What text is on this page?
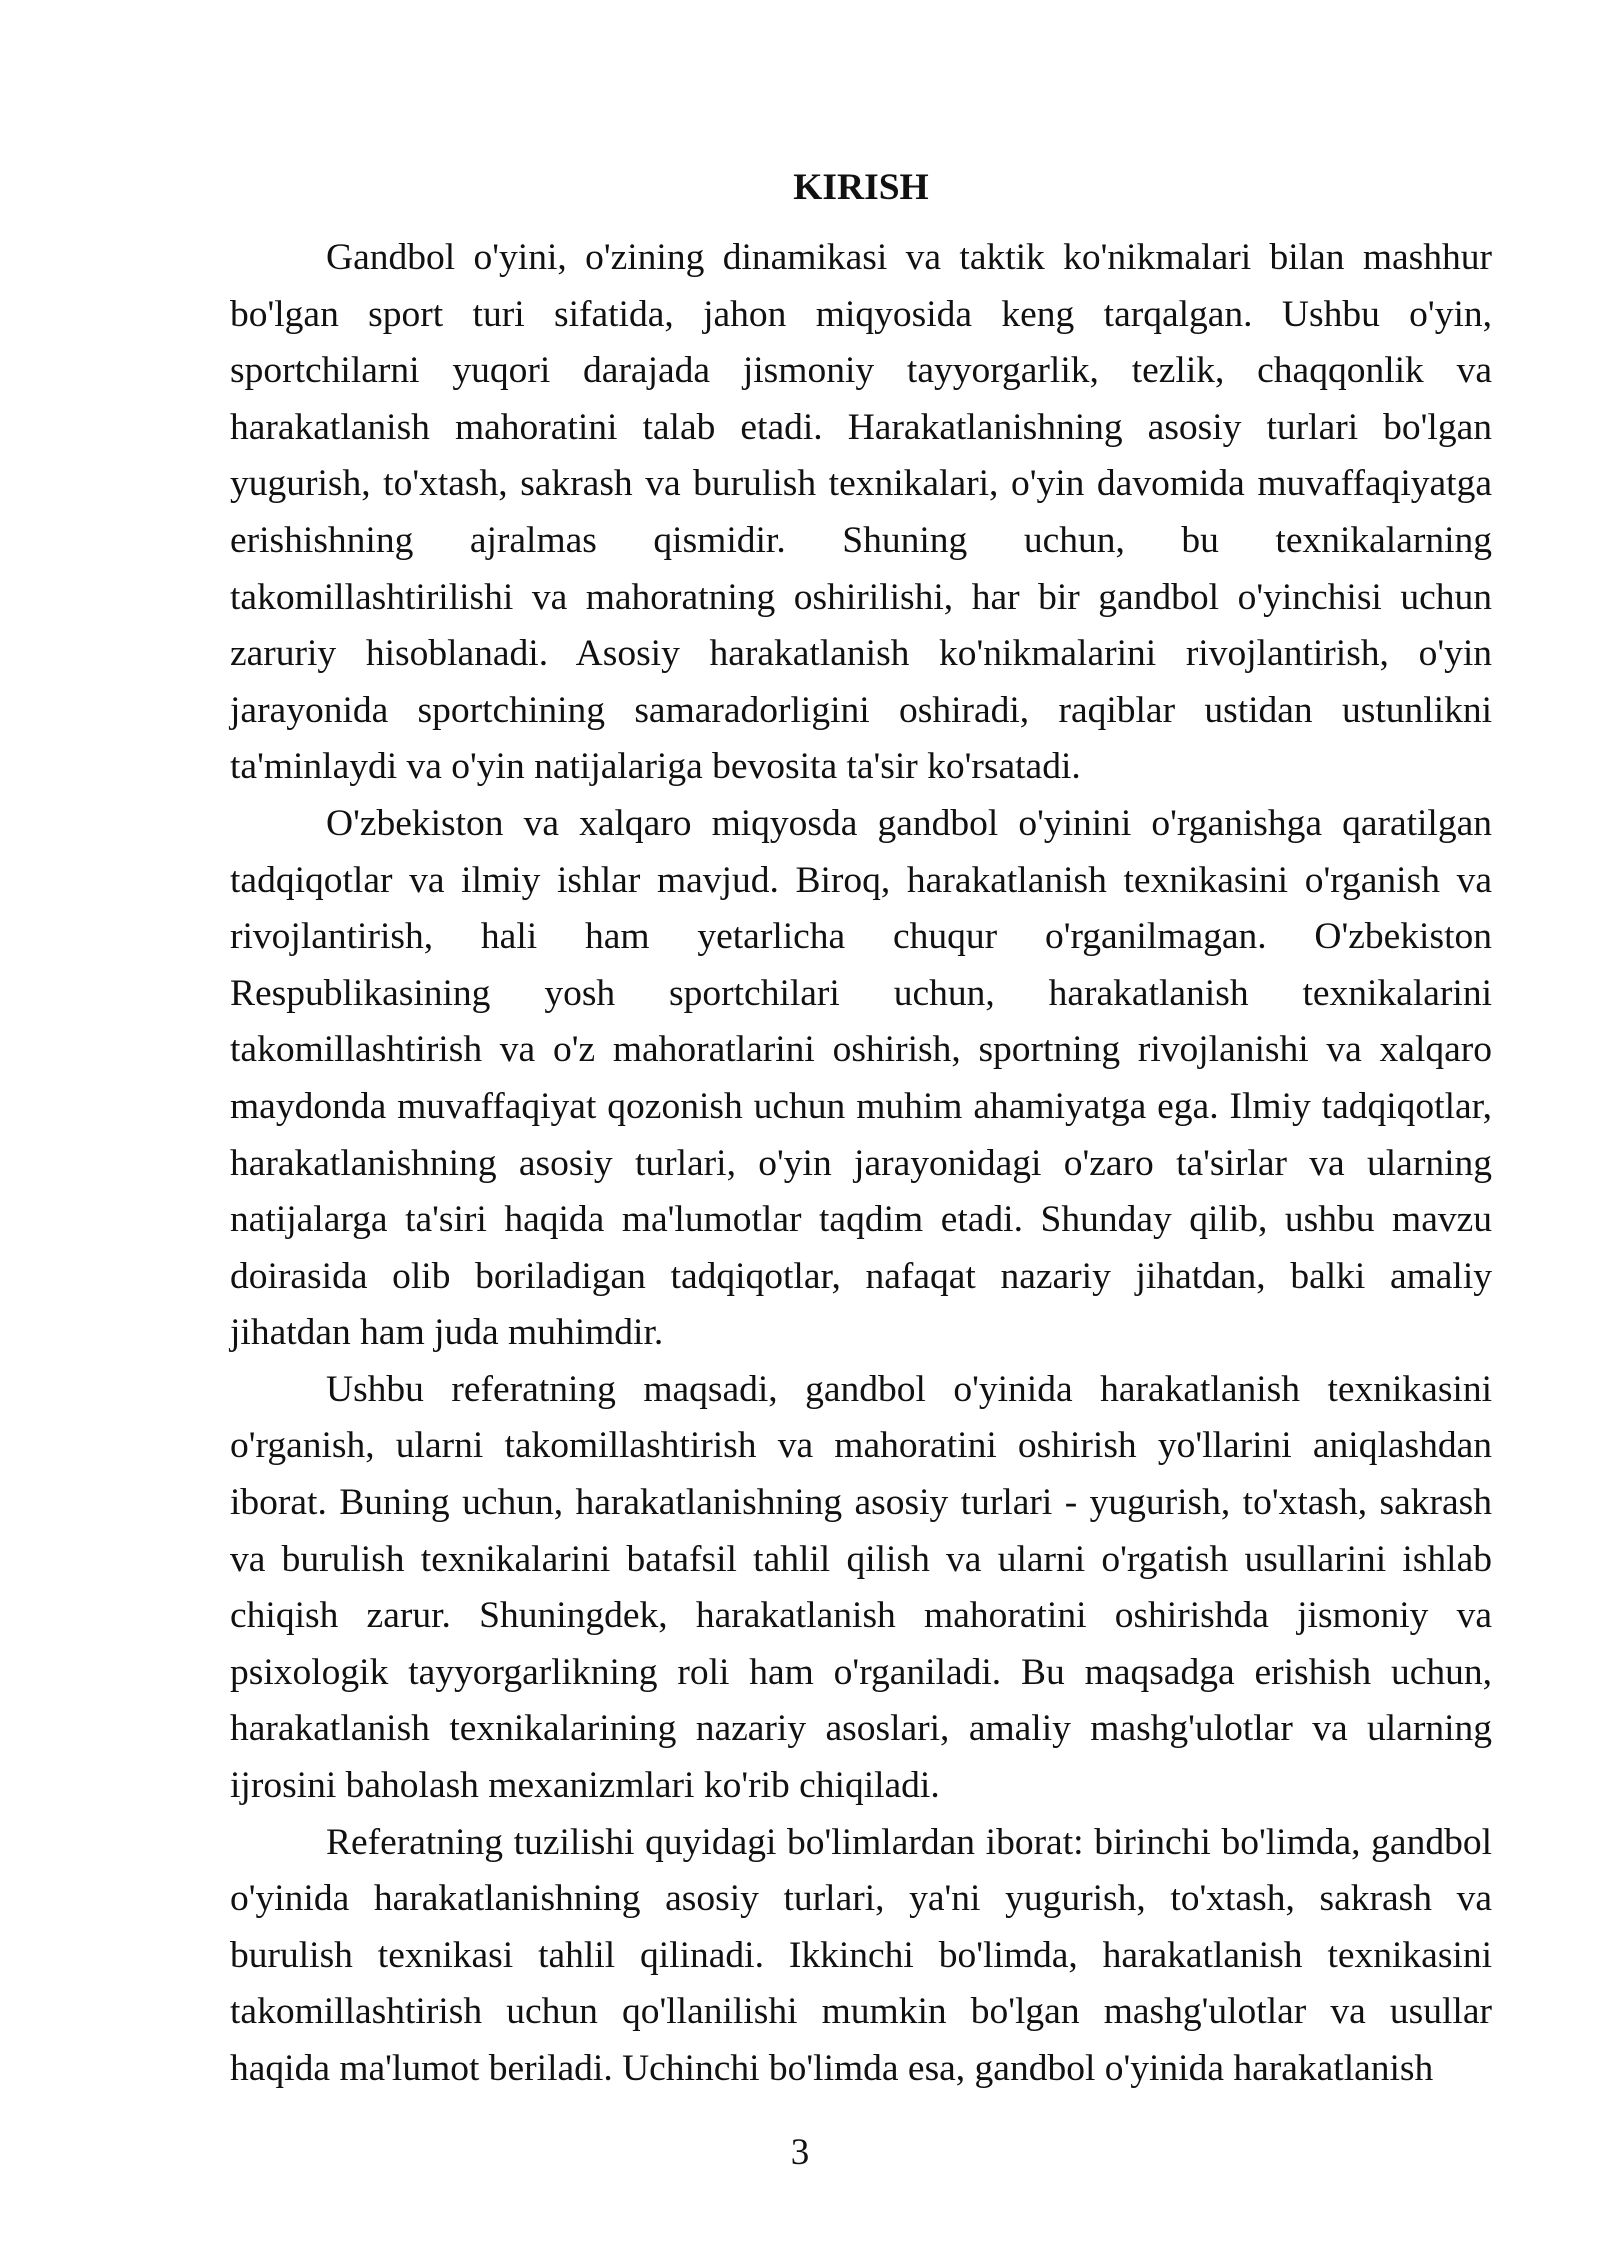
KIRISH

Gandbol o'yini, o'zining dinamikasi va taktik ko'nikmalari bilan mashhur bo'lgan sport turi sifatida, jahon miqyosida keng tarqalgan. Ushbu o'yin, sportchilarni yuqori darajada jismoniy tayyorgarlik, tezlik, chaqqonlik va harakatlanish mahoratini talab etadi. Harakatlanishning asosiy turlari bo'lgan yugurish, to'xtash, sakrash va burulish texnikalari, o'yin davomida muvaffaqiyatga erishishning ajralmas qismidir. Shuning uchun, bu texnikalarning takomillashtirilishi va mahoratning oshirilishi, har bir gandbol o'yinchisi uchun zaruriy hisoblanadi. Asosiy harakatlanish ko'nikmalarini rivojlantirish, o'yin jarayonida sportchining samaradorligini oshiradi, raqiblar ustidan ustunlikni ta'minlaydi va o'yin natijalariga bevosita ta'sir ko'rsatadi.

O'zbekiston va xalqaro miqyosda gandbol o'yinini o'rganishga qaratilgan tadqiqotlar va ilmiy ishlar mavjud. Biroq, harakatlanish texnikasini o'rganish va rivojlantirish, hali ham yetarlicha chuqur o'rganilmagan. O'zbekiston Respublikasining yosh sportchilari uchun, harakatlanish texnikalarini takomillashtirish va o'z mahoratlarini oshirish, sportning rivojlanishi va xalqaro maydonda muvaffaqiyat qozonish uchun muhim ahamiyatga ega. Ilmiy tadqiqotlar, harakatlanishning asosiy turlari, o'yin jarayonidagi o'zaro ta'sirlar va ularning natijalarga ta'siri haqida ma'lumotlar taqdim etadi. Shunday qilib, ushbu mavzu doirasida olib boriladigan tadqiqotlar, nafaqat nazariy jihatdan, balki amaliy jihatdan ham juda muhimdir.

Ushbu referatning maqsadi, gandbol o'yinida harakatlanish texnikasini o'rganish, ularni takomillashtirish va mahoratini oshirish yo'llarini aniqlashdan iborat. Buning uchun, harakatlanishning asosiy turlari - yugurish, to'xtash, sakrash va burulish texnikalarini batafsil tahlil qilish va ularni o'rgatish usullarini ishlab chiqish zarur. Shuningdek, harakatlanish mahoratini oshirishda jismoniy va psixologik tayyorgarlikning roli ham o'rganiladi. Bu maqsadga erishish uchun, harakatlanish texnikalarining nazariy asoslari, amaliy mashg'ulotlar va ularning ijrosini baholash mexanizmlari ko'rib chiqiladi.

Referatning tuzilishi quyidagi bo'limlardan iborat: birinchi bo'limda, gandbol o'yinida harakatlanishning asosiy turlari, ya'ni yugurish, to'xtash, sakrash va burulish texnikasi tahlil qilinadi. Ikkinchi bo'limda, harakatlanish texnikasini takomillashtirish uchun qo'llanilishi mumkin bo'lgan mashg'ulotlar va usullar haqida ma'lumot beriladi. Uchinchi bo'limda esa, gandbol o'yinida harakatlanish

3
